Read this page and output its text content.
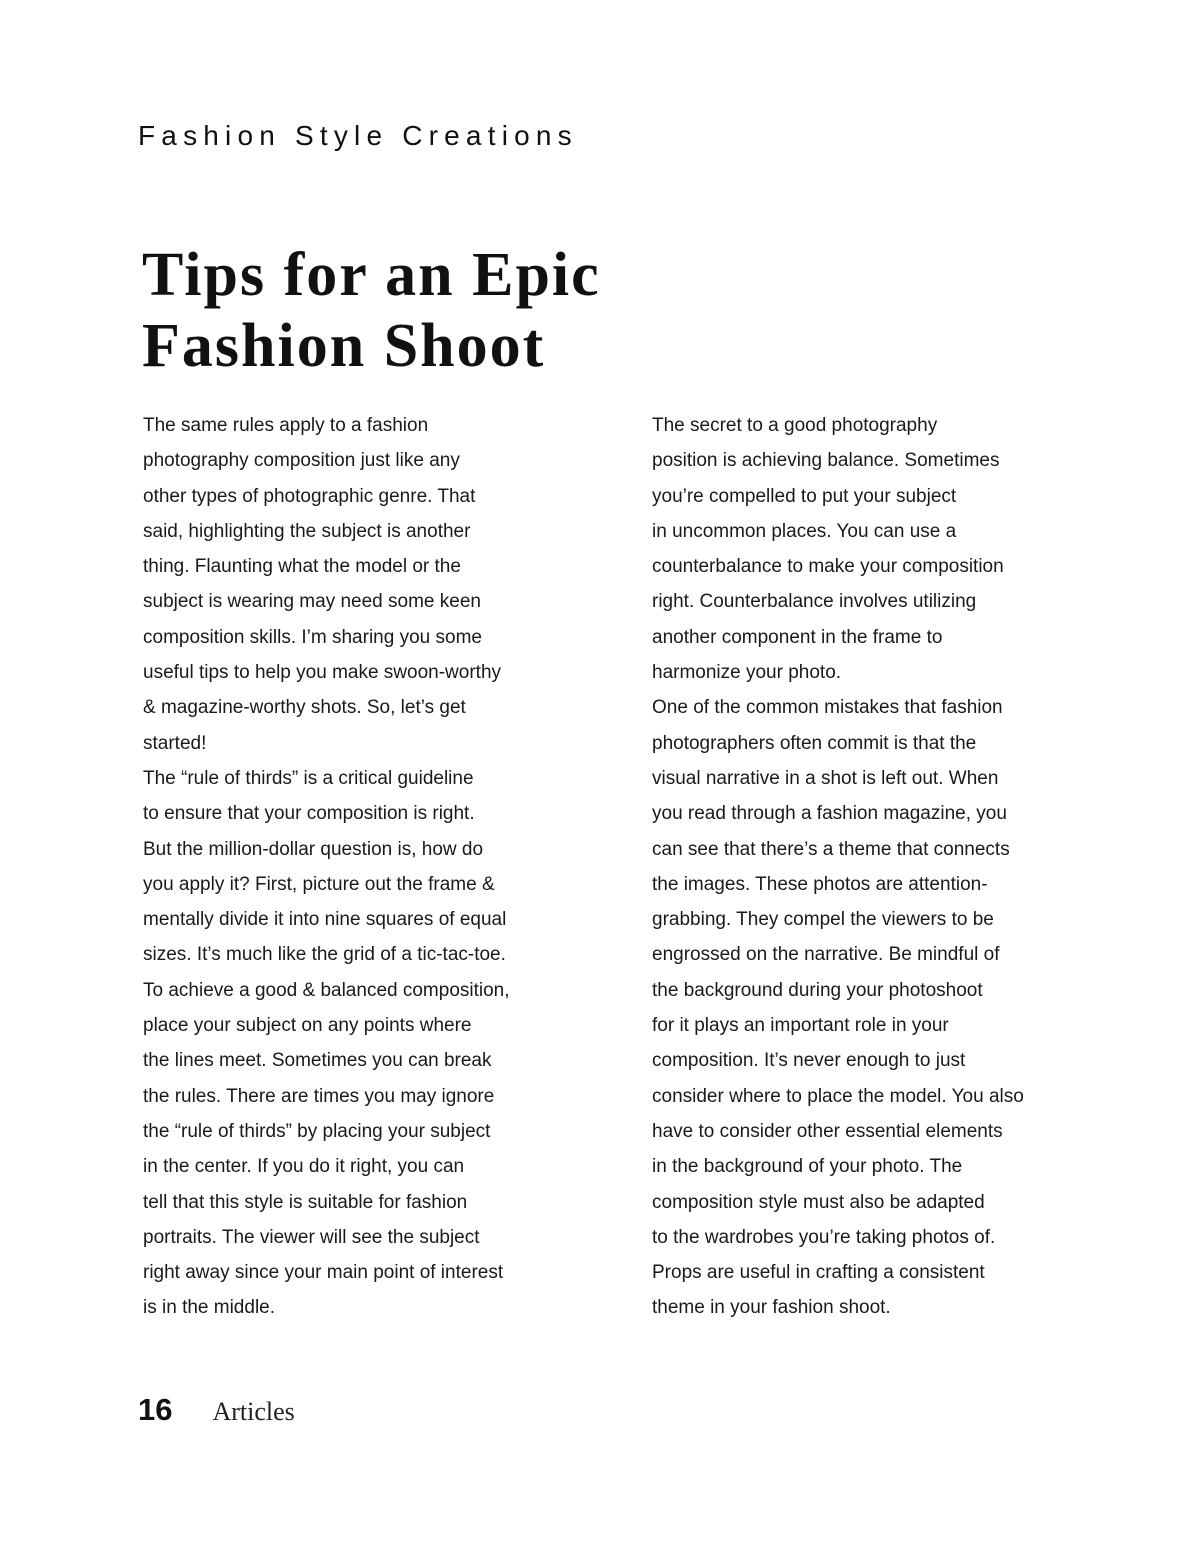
Fashion Style Creations
Tips for an Epic
Fashion Shoot
The same rules apply to a fashion
photography composition just like any
other types of photographic genre. That
said, highlighting the subject is another
thing. Flaunting what the model or the
subject is wearing may need some keen
composition skills. I’m sharing you some
useful tips to help you make swoon-worthy
& magazine-worthy shots. So, let’s get
started!
The “rule of thirds” is a critical guideline
to ensure that your composition is right.
But the million-dollar question is, how do
you apply it? First, picture out the frame &
mentally divide it into nine squares of equal
sizes. It’s much like the grid of a tic-tac-toe.
To achieve a good & balanced composition,
place your subject on any points where
the lines meet. Sometimes you can break
the rules. There are times you may ignore
the “rule of thirds” by placing your subject
in the center. If you do it right, you can
tell that this style is suitable for fashion
portraits. The viewer will see the subject
right away since your main point of interest
is in the middle.
The secret to a good photography
position is achieving balance. Sometimes
you’re compelled to put your subject
in uncommon places. You can use a
counterbalance to make your composition
right. Counterbalance involves utilizing
another component in the frame to
harmonize your photo.
One of the common mistakes that fashion
photographers often commit is that the
visual narrative in a shot is left out. When
you read through a fashion magazine, you
can see that there’s a theme that connects
the images. These photos are attention-
grabbing. They compel the viewers to be
engrossed on the narrative. Be mindful of
the background during your photoshoot
for it plays an important role in your
composition. It’s never enough to just
consider where to place the model. You also
have to consider other essential elements
in the background of your photo. The
composition style must also be adapted
to the wardrobes you’re taking photos of.
Props are useful in crafting a consistent
theme in your fashion shoot.
16 Articles
